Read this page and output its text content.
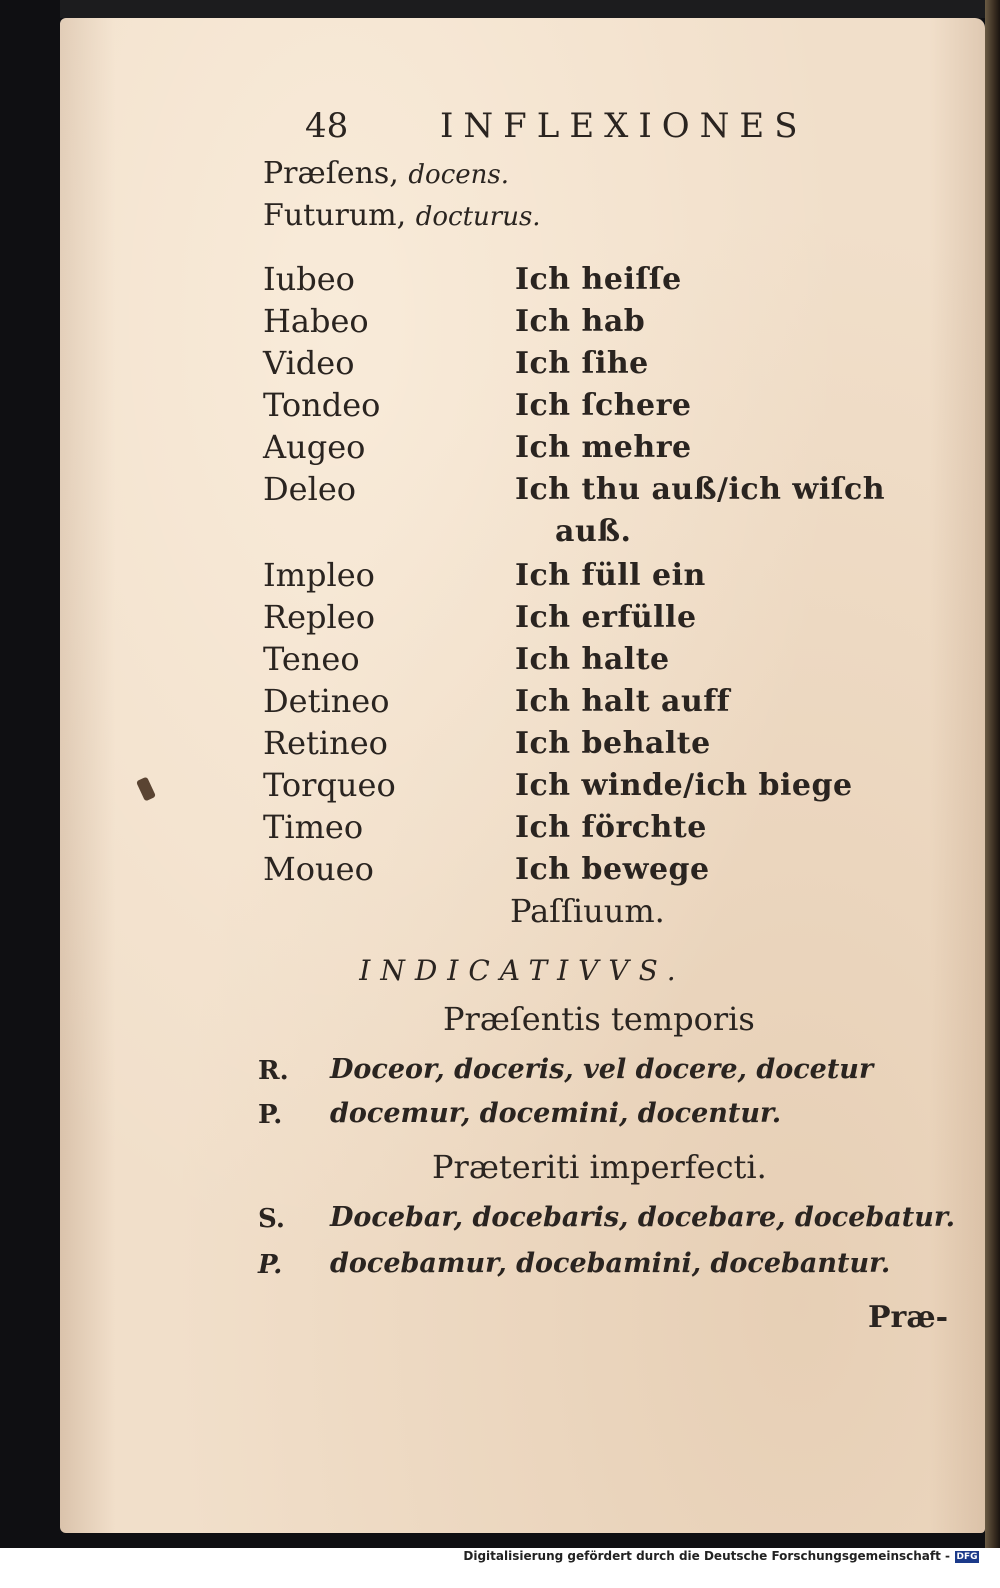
48	INFLEXIONES
Præſens, docens.
Futurum, docturus.
Iubeo	Ich heiſſe
Habeo	Ich hab
Video	Ich ſihe
Tondeo	Ich ſchere
Augeo	Ich mehre
Deleo	Ich thu auß/ich wiſch
auß.
Impleo	Ich füll ein
Repleo	Ich erfülle
Teneo	Ich halte
Detineo	Ich halt auff
Retineo	Ich behalte
Torqueo	Ich winde/ich biege
Timeo	Ich förchte
Moueo	Ich bewege
Paſſiuum.
INDICATIVVS.
Præſentis temporis
R. Doceor, doceris, vel docere, docetur
P. docemur, docemini, docentur.
Præteriti imperfecti.
S. Docebar, docebaris, docebare, docebatur.
P. docebamur, docebamini, docebantur.
Præ-
Digitalisierung gefördert durch die Deutsche Forschungsgemeinschaft - DFG
